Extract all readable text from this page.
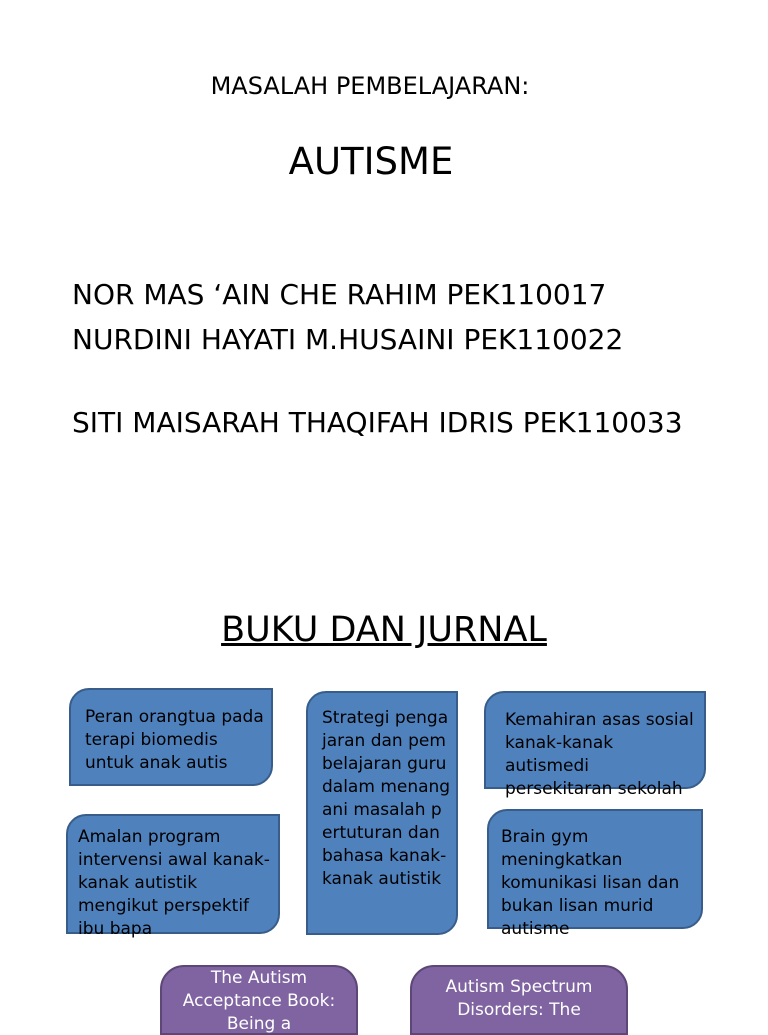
MASALAH PEMBELAJARAN:
AUTISME
NOR MAS ‘AIN CHE RAHIM PEK110017
NURDINI HAYATI M.HUSAINI PEK110022
SITI MAISARAH THAQIFAH IDRIS PEK110033
BUKU DAN JURNAL
Peran orangtua pada terapi biomedis untuk anak autis
Strategi pengajaran dan pembelajaran guru dalam menangani masalah pertuturan dan bahasa kanak-kanak autistik
Kemahiran asas sosial kanak-kanak autismedi persekitaran sekolah
Amalan program intervensi awal kanak-kanak autistik mengikut perspektif ibu bapa
Brain gym meningkatkan komunikasi lisan dan bukan lisan murid autisme
The Autism Acceptance Book: Being a
Autism Spectrum Disorders: The
